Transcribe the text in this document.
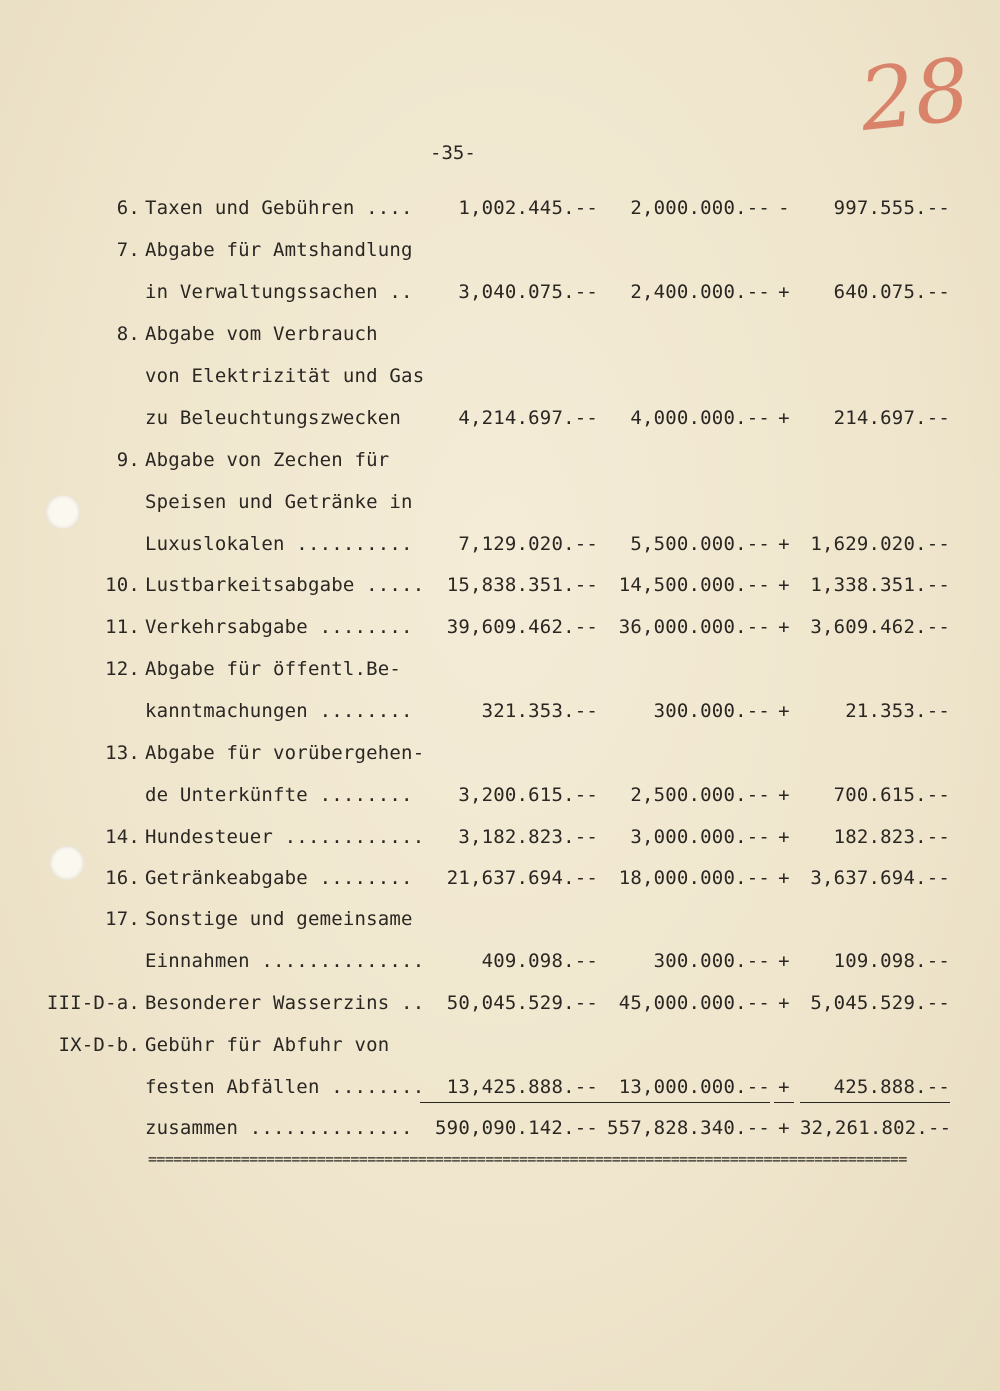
28
-35-
6. Taxen und Gebühren ....	1,002.445.--	2,000.000.-- -	997.555.--
7. Abgabe für Amtshandlung
in Verwaltungssachen ..	3,040.075.--	2,400.000.-- +	640.075.--
8. Abgabe vom Verbrauch
von Elektrizität und Gas
zu Beleuchtungszwecken	4,214.697.--	4,000.000.-- +	214.697.--
9. Abgabe von Zechen für
Speisen und Getränke in
Luxuslokalen ..........	7,129.020.--	5,500.000.-- +	1,629.020.--
10. Lustbarkeitsabgabe .....	15,838.351.--	14,500.000.-- +	1,338.351.--
11. Verkehrsabgabe ........	39,609.462.--	36,000.000.-- +	3,609.462.--
12. Abgabe für öffentl.Be-
kanntmachungen ........	321.353.--	300.000.-- +	21.353.--
13. Abgabe für vorübergehen-
de Unterkünfte ........	3,200.615.--	2,500.000.-- +	700.615.--
14. Hundesteuer ............	3,182.823.--	3,000.000.-- +	182.823.--
16. Getränkeabgabe ........	21,637.694.--	18,000.000.-- +	3,637.694.--
17. Sonstige und gemeinsame
Einnahmen ..............	409.098.--	300.000.-- +	109.098.--
III-D-a. Besonderer Wasserzins ..	50,045.529.--	45,000.000.-- +	5,045.529.--
IX-D-b. Gebühr für Abfuhr von
festen Abfällen ........	13,425.888.--	13,000.000.-- +	425.888.--
zusammen ..............	590,090.142.-- 557,828.340.-- + 32,261.802.--
==========================================================================================
